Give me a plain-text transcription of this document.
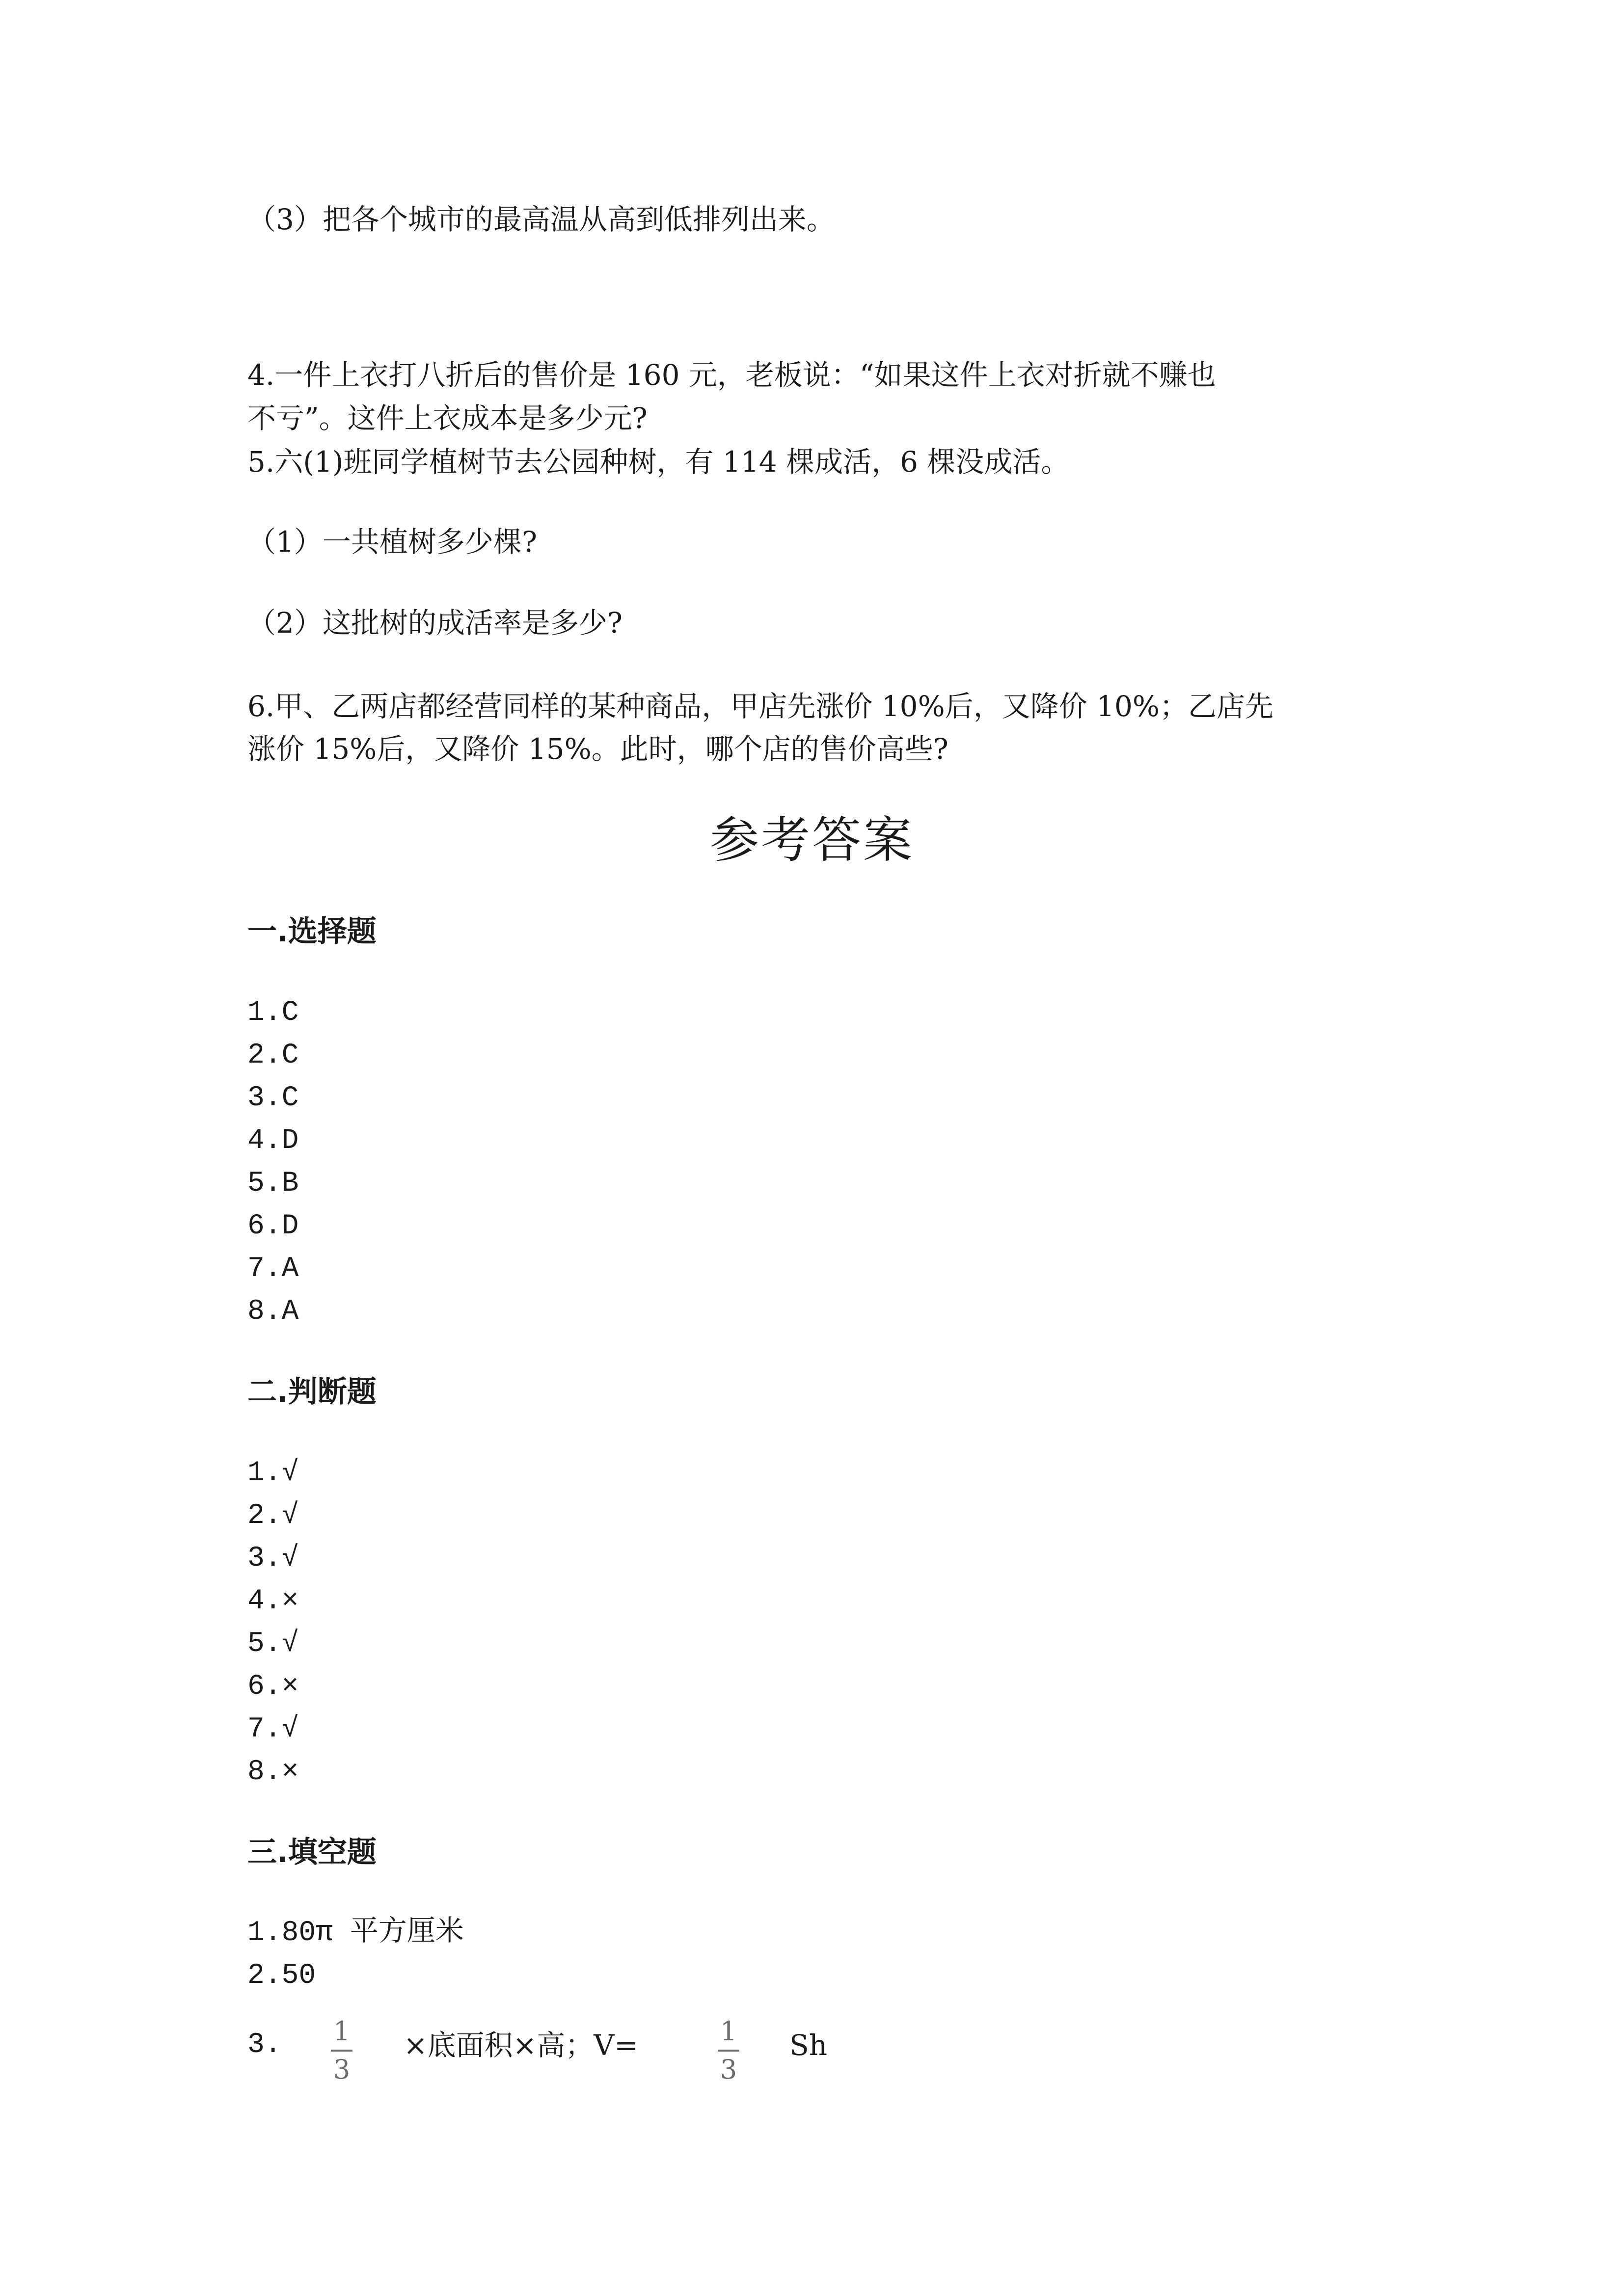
（3）把各个城市的最高温从高到低排列出来。
4.一件上衣打八折后的售价是 160 元，老板说：“如果这件上衣对折就不赚也
不亏”。这件上衣成本是多少元?
5.六(1)班同学植树节去公园种树，有 114 棵成活，6 棵没成活。
（1）一共植树多少棵?
（2）这批树的成活率是多少?
6.甲、乙两店都经营同样的某种商品，甲店先涨价 10%后，又降价 10%；乙店先
涨价 15%后，又降价 15%。此时，哪个店的售价高些?
参考答案
一.选择题
1.C
2.C
3.C
4.D
5.B
6.D
7.A
8.A
二.判断题
1.√
2.√
3.√
4.×
5.√
6.×
7.√
8.×
三.填空题
1.80π 平方厘米
2.50
3. 1
3
×底面积×高；V=	1
3
Sh
